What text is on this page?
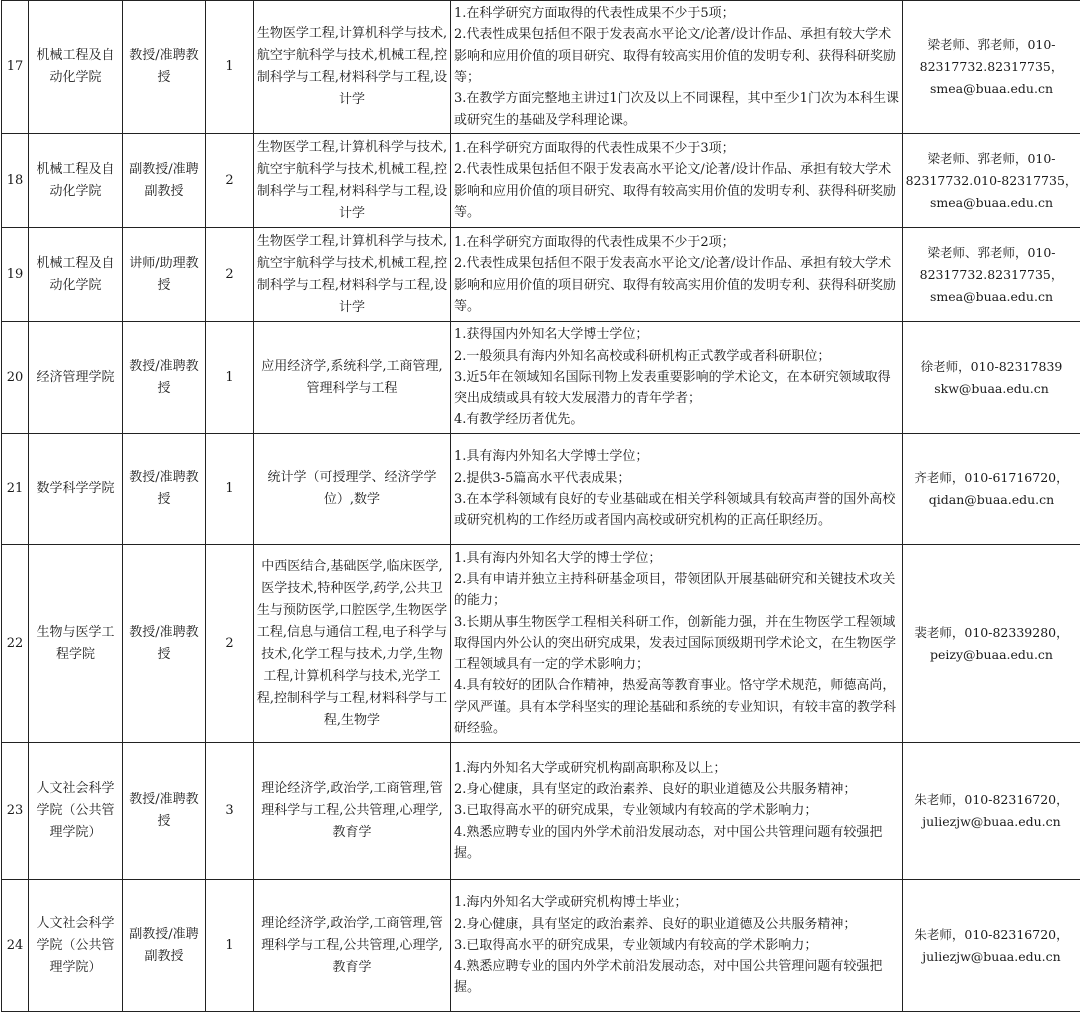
17	机械工程及自动化学院	教授/准聘教授	1	生物医学工程,计算机科学与技术,航空宇航科学与技术,机械工程,控制科学与工程,材料科学与工程,设计学	1.在科学研究方面取得的代表性成果不少于5项；
2.代表性成果包括但不限于发表高水平论文/论著/设计作品、承担有较大学术影响和应用价值的项目研究、取得有较高实用价值的发明专利、获得科研奖励等；
3.在教学方面完整地主讲过1门次及以上不同课程，其中至少1门次为本科生课或研究生的基础及学科理论课。	梁老师、郛老师，010-
82317732.82317735，
smea@buaa.edu.cn

18	机械工程及自动化学院	副教授/准聘副教授	2	生物医学工程,计算机科学与技术,航空宇航科学与技术,机械工程,控制科学与工程,材料科学与工程,设计学	1.在科学研究方面取得的代表性成果不少于3项；
2.代表性成果包括但不限于发表高水平论文/论著/设计作品、承担有较大学术影响和应用价值的项目研究、取得有较高实用价值的发明专利、获得科研奖励等。	梁老师、郛老师，010-
82317732.010-82317735，
smea@buaa.edu.cn

19	机械工程及自动化学院	讲师/助理教授	2	生物医学工程,计算机科学与技术,航空宇航科学与技术,机械工程,控制科学与工程,材料科学与工程,设计学	1.在科学研究方面取得的代表性成果不少于2项；
2.代表性成果包括但不限于发表高水平论文/论著/设计作品、承担有较大学术影响和应用价值的项目研究、取得有较高实用价值的发明专利、获得科研奖励等。	梁老师、郛老师，010-
82317732.82317735，
smea@buaa.edu.cn

20	经济管理学院	教授/准聘教授	1	应用经济学,系统科学,工商管理,管理科学与工程	1.获得国内外知名大学博士学位；
2.一般须具有海内外知名高校或科研机构正式教学或者科研职位；
3.近5年在领域知名国际刊物上发表重要影响的学术论文，在本研究领域取得突出成绩或具有较大发展潜力的青年学者；
4.有教学经历者优先。	徐老师，010-82317839
skw@buaa.edu.cn

21	数学科学学院	教授/准聘教授	1	统计学（可授理学、经济学学位）,数学	1.具有海内外知名大学博士学位；
2.提供3-5篇高水平代表成果；
3.在本学科领域有良好的专业基础或在相关学科领域具有较高声誉的国外高校或研究机构的工作经历或者国内高校或研究机构的正高任职经历。	齐老师，010-61716720，
qidan@buaa.edu.cn

22	生物与医学工程学院	教授/准聘教授	2	中西医结合,基础医学,临床医学,医学技术,特种医学,药学,公共卫生与预防医学,口腔医学,生物医学工程,信息与通信工程,电子科学与技术,化学工程与技术,力学,生物工程,计算机科学与技术,光学工程,控制科学与工程,材料科学与工程,生物学	1.具有海内外知名大学的博士学位；
2.具有申请并独立主持科研基金项目，带领团队开展基础研究和关键技术攻关的能力；
3.长期从事生物医学工程相关科研工作，创新能力强，并在生物医学工程领域取得国内外公认的突出研究成果，发表过国际顶级期刊学术论文，在生物医学工程领域具有一定的学术影响力；
4.具有较好的团队合作精神，热爱高等教育事业。恪守学术规范，师德高尚，学风严谨。具有本学科坚实的理论基础和系统的专业知识，有较丰富的教学科研经验。	裴老师，010-82339280，
peizy@buaa.edu.cn

23	人文社会科学学院（公共管理学院）	教授/准聘教授	3	理论经济学,政治学,工商管理,管理科学与工程,公共管理,心理学,教育学	1.海内外知名大学或研究机构副高职称及以上；
2.身心健康，具有坚定的政治素养、良好的职业道德及公共服务精神；
3.已取得高水平的研究成果，专业领域内有较高的学术影响力；
4.熟悉应聘专业的国内外学术前沿发展动态，对中国公共管理问题有较强把握。	朱老师，010-82316720，
juliezjw@buaa.edu.cn

24	人文社会科学学院（公共管理学院）	副教授/准聘副教授	1	理论经济学,政治学,工商管理,管理科学与工程,公共管理,心理学,教育学	1.海内外知名大学或研究机构博士毕业；
2.身心健康，具有坚定的政治素养、良好的职业道德及公共服务精神；
3.已取得高水平的研究成果，专业领域内有较高的学术影响力；
4.熟悉应聘专业的国内外学术前沿发展动态，对中国公共管理问题有较强把握。	朱老师，010-82316720，
juliezjw@buaa.edu.cn
